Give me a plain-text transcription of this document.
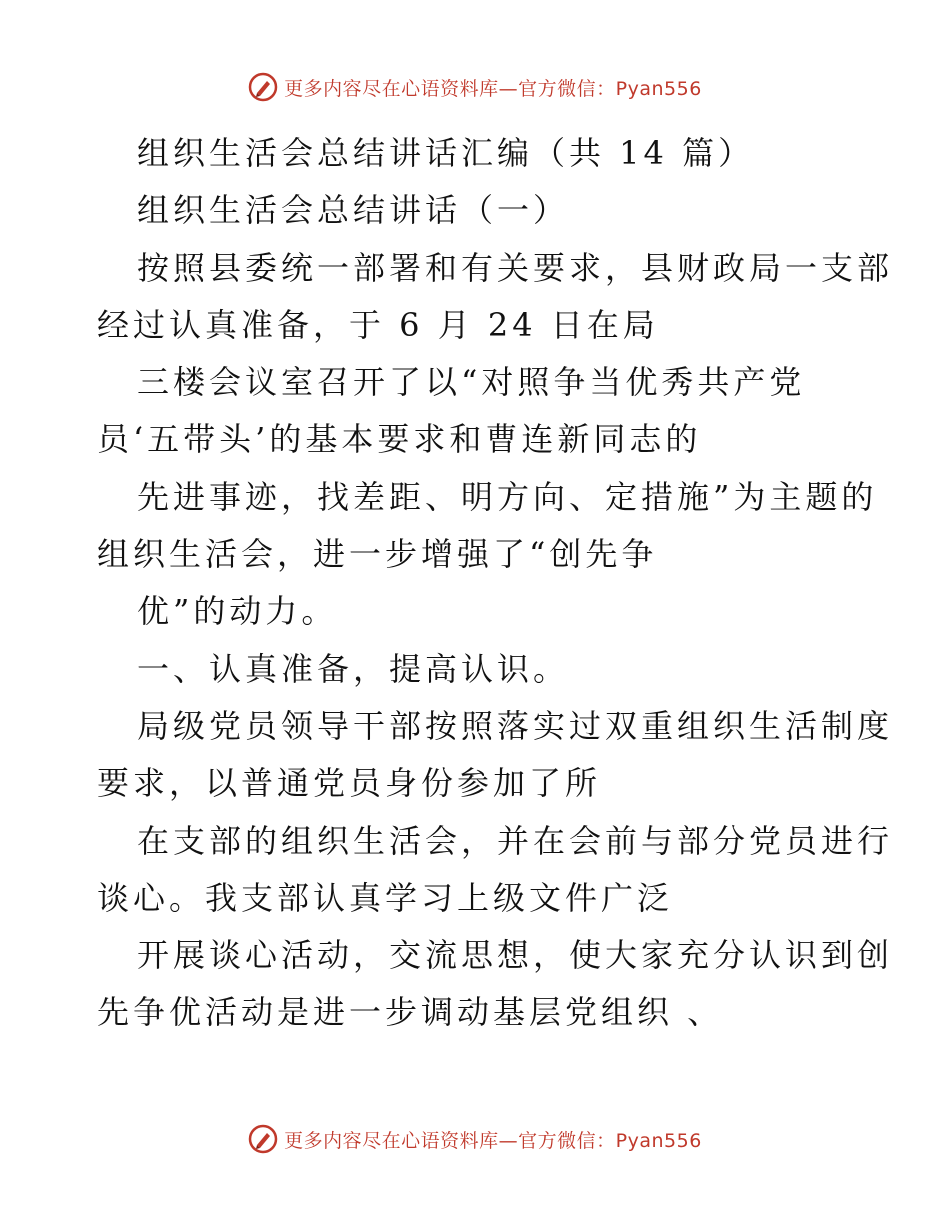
更多内容尽在心语资料库—官方微信：Pyan556
组织生活会总结讲话汇编（共 14 篇）
组织生活会总结讲话（一）
按照县委统一部署和有关要求，县财政局一支部
经过认真准备，于 6 月 24 日在局
三楼会议室召开了以“对照争当优秀共产党
员‘五带头’的基本要求和曹连新同志的
先进事迹，找差距、明方向、定措施”为主题的
组织生活会，进一步增强了“创先争
优”的动力。
一、认真准备，提高认识。
局级党员领导干部按照落实过双重组织生活制度
要求，以普通党员身份参加了所
在支部的组织生活会，并在会前与部分党员进行
谈心。我支部认真学习上级文件广泛
开展谈心活动，交流思想，使大家充分认识到创
先争优活动是进一步调动基层党组织 、
更多内容尽在心语资料库—官方微信：Pyan556
